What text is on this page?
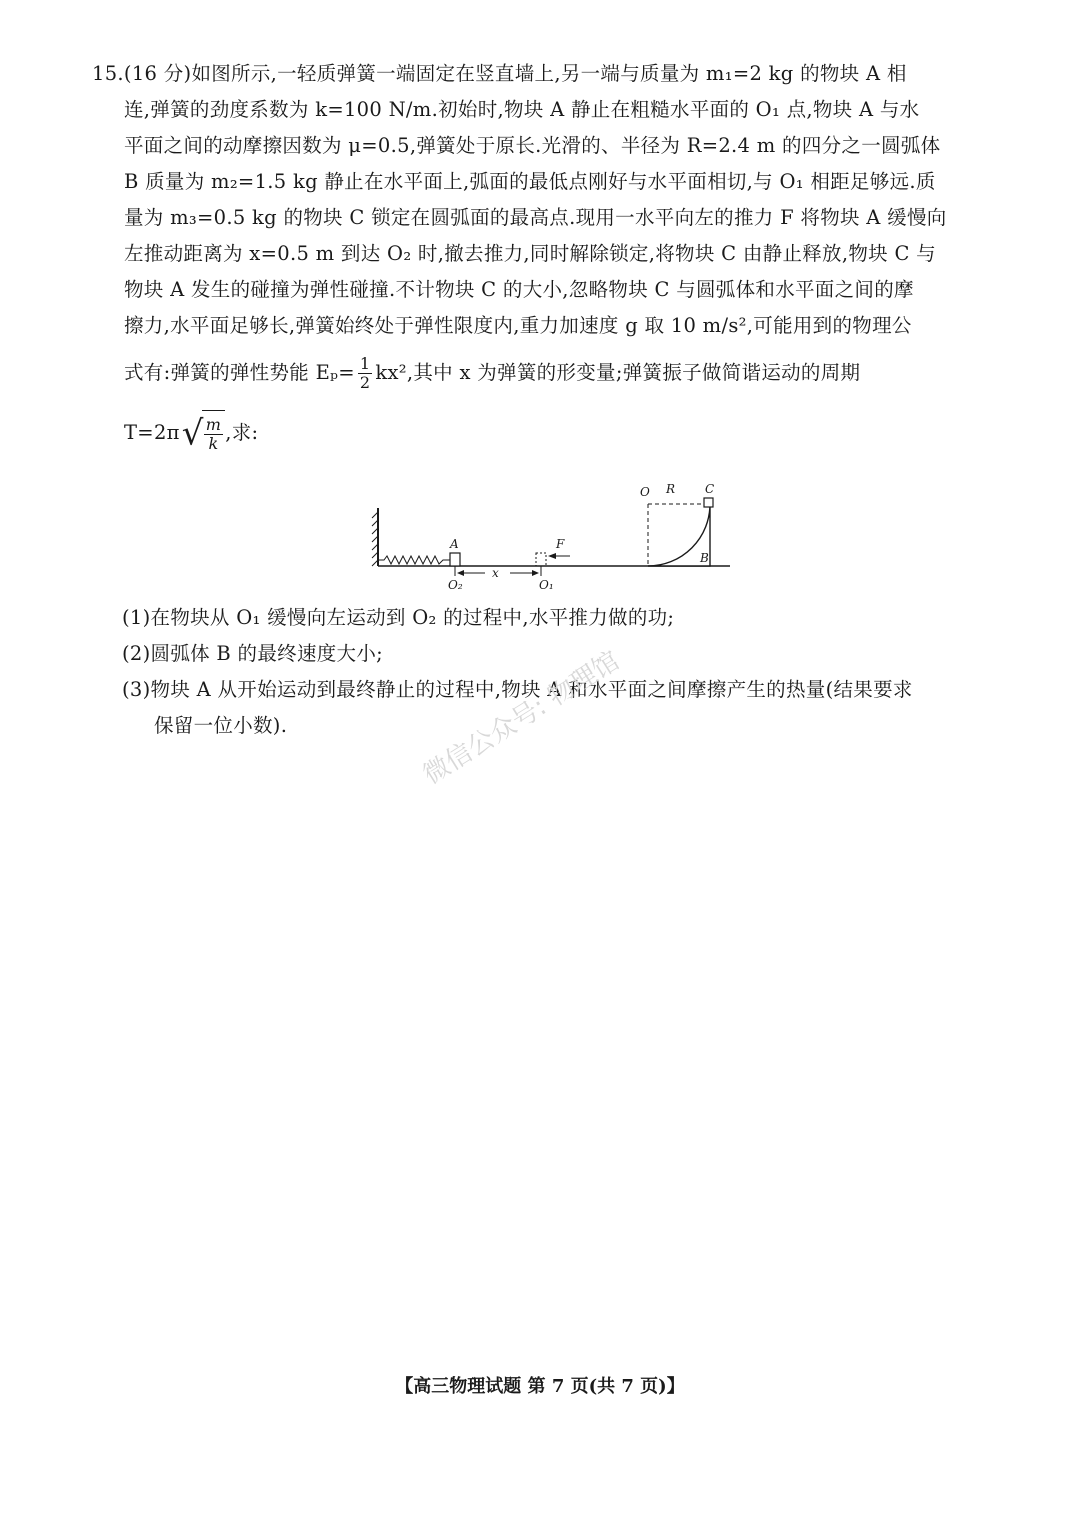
15.(16 分)如图所示,一轻质弹簧一端固定在竖直墙上,另一端与质量为 m₁=2 kg 的物块 A 相

连,弹簧的劲度系数为 k=100 N/m.初始时,物块 A 静止在粗糙水平面的 O₁ 点,物块 A 与水

平面之间的动摩擦因数为 μ=0.5,弹簧处于原长.光滑的、半径为 R=2.4 m 的四分之一圆弧体

B 质量为 m₂=1.5 kg 静止在水平面上,弧面的最低点刚好与水平面相切,与 O₁ 相距足够远.质

量为 m₃=0.5 kg 的物块 C 锁定在圆弧面的最高点.现用一水平向左的推力 F 将物块 A 缓慢向

左推动距离为 x=0.5 m 到达 O₂ 时,撤去推力,同时解除锁定,将物块 C 由静止释放,物块 C 与

物块 A 发生的碰撞为弹性碰撞.不计物块 C 的大小,忽略物块 C 与圆弧体和水平面之间的摩

擦力,水平面足够长,弹簧始终处于弹性限度内,重力加速度 g 取 10 m/s²,可能用到的物理公

式有:弹簧的弹性势能 $E_p= \frac{1}{2} kx^2$,其中 x 为弹簧的形变量;弹簧振子做简谐运动的周期

$T=2\pi√ \frac{m}{k}$ ,求:

A
O₂
x
O₁
F
O R C
B

(1)在物块从 O₁ 缓慢向左运动到 O₂ 的过程中,水平推力做的功;

(2)圆弧体 B 的最终速度大小;

(3)物块 A 从开始运动到最终静止的过程中,物块 A 和水平面之间摩擦产生的热量(结果要求

保留一位小数).	微信公众号: 物理馆
【高三物理试题 第 7 页(共 7 页)】
